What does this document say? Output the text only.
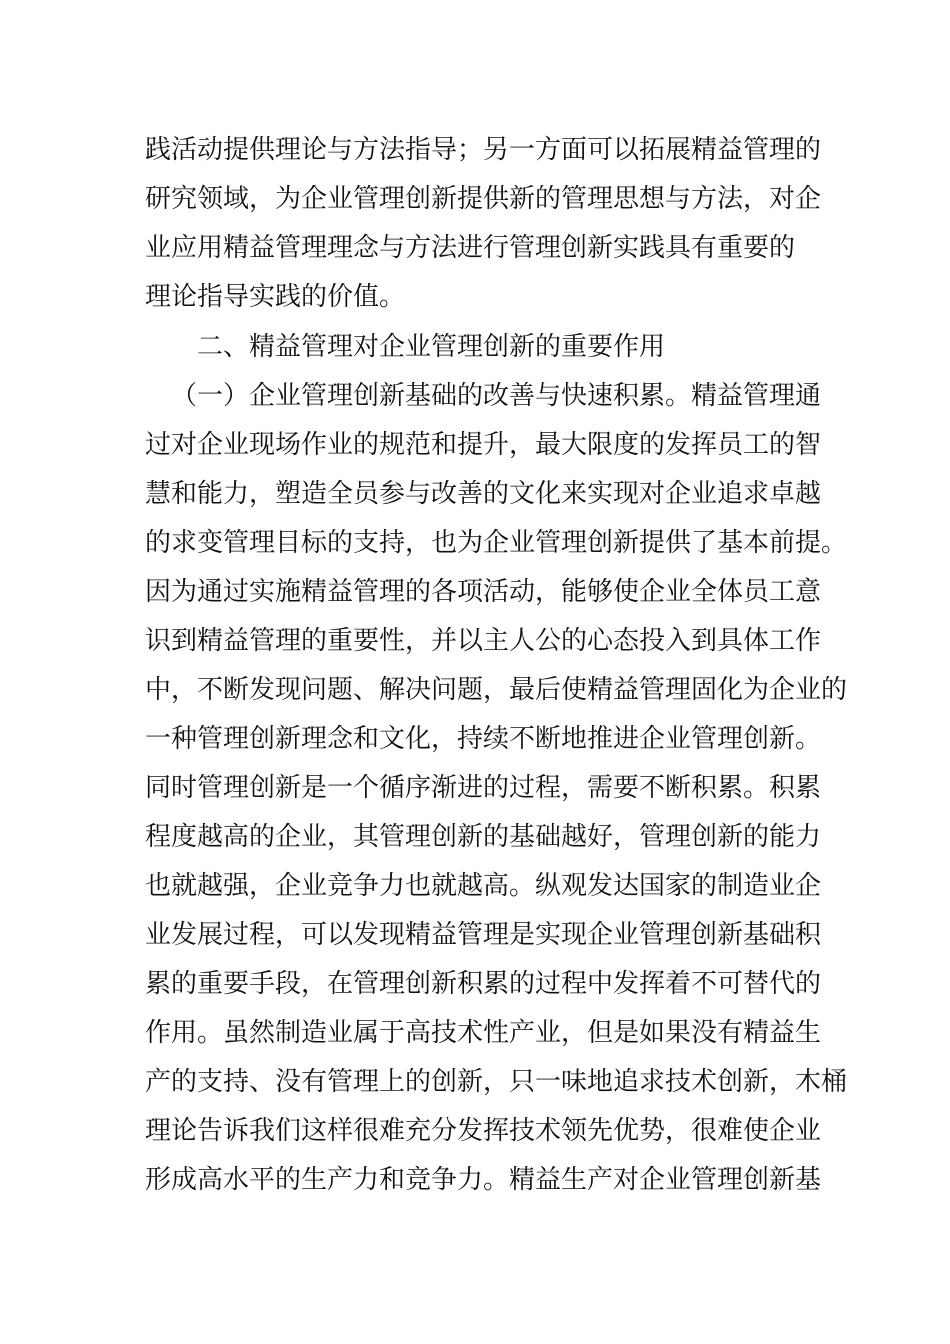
践活动提供理论与方法指导；另一方面可以拓展精益管理的

研究领域，为企业管理创新提供新的管理思想与方法，对企

业应用精益管理理念与方法进行管理创新实践具有重要的

理论指导实践的价值。

二、精益管理对企业管理创新的重要作用

（一）企业管理创新基础的改善与快速积累。精益管理通

过对企业现场作业的规范和提升，最大限度的发挥员工的智

慧和能力，塑造全员参与改善的文化来实现对企业追求卓越

的求变管理目标的支持，也为企业管理创新提供了基本前提。

因为通过实施精益管理的各项活动，能够使企业全体员工意

识到精益管理的重要性，并以主人公的心态投入到具体工作

中，不断发现问题、解决问题，最后使精益管理固化为企业的

一种管理创新理念和文化，持续不断地推进企业管理创新。

同时管理创新是一个循序渐进的过程，需要不断积累。积累

程度越高的企业，其管理创新的基础越好，管理创新的能力

也就越强，企业竞争力也就越高。纵观发达国家的制造业企

业发展过程，可以发现精益管理是实现企业管理创新基础积

累的重要手段，在管理创新积累的过程中发挥着不可替代的

作用。虽然制造业属于高技术性产业，但是如果没有精益生

产的支持、没有管理上的创新，只一味地追求技术创新，木桶

理论告诉我们这样很难充分发挥技术领先优势，很难使企业

形成高水平的生产力和竞争力。精益生产对企业管理创新基
